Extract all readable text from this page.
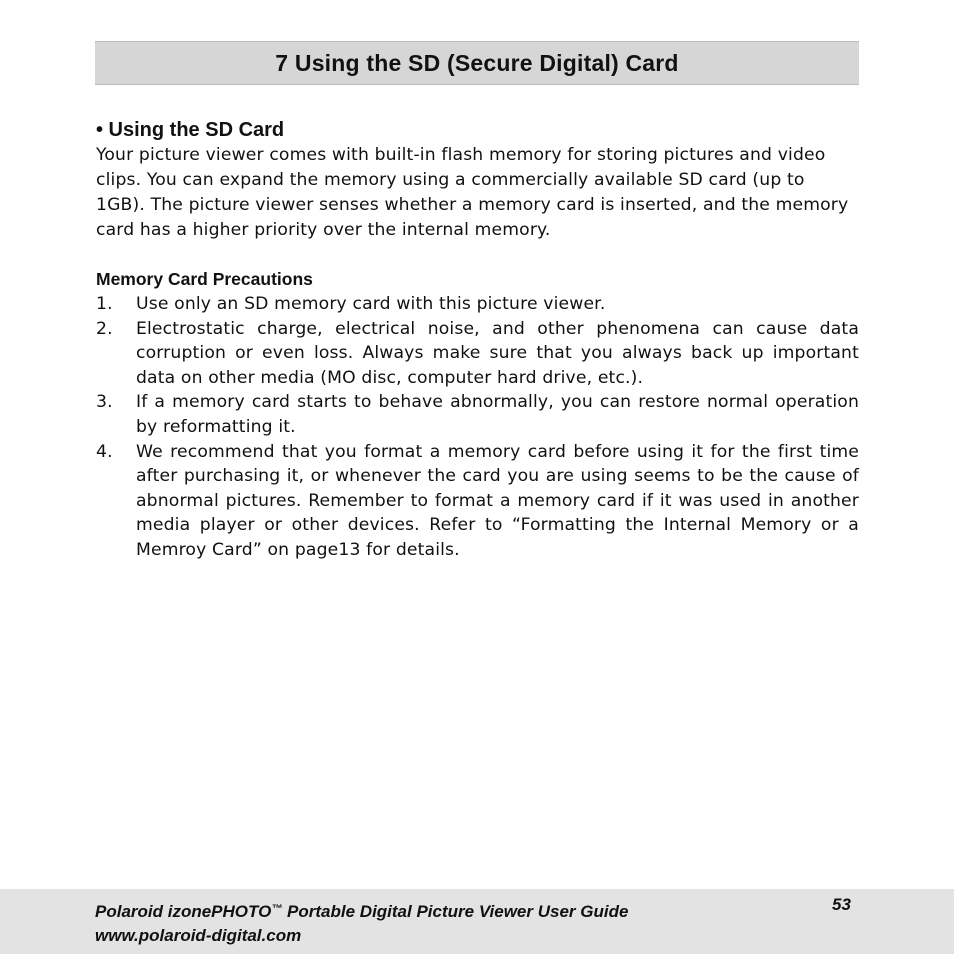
7 Using the SD (Secure Digital) Card

• Using the SD Card

Your picture viewer comes with built-in flash memory for storing pictures and video clips. You can expand the memory using a commercially available SD card (up to 1GB). The picture viewer senses whether a memory card is inserted, and the memory card has a higher priority over the internal memory.

Memory Card Precautions

1.	Use only an SD memory card with this picture viewer.
2.	Electrostatic charge, electrical noise, and other phenomena can cause data corruption or even loss. Always make sure that you always back up important data on other media (MO disc, computer hard drive, etc.).
3.	If a memory card starts to behave abnormally, you can restore normal operation by reformatting it.
4.	We recommend that you format a memory card before using it for the first time after purchasing it, or whenever the card you are using seems to be the cause of abnormal pictures. Remember to format a memory card if it was used in another media player or other devices. Refer to “Formatting the Internal Memory or a Memroy Card” on page13 for details.
Polaroid izonePHOTO™ Portable Digital Picture Viewer User Guide
www.polaroid-digital.com
53
